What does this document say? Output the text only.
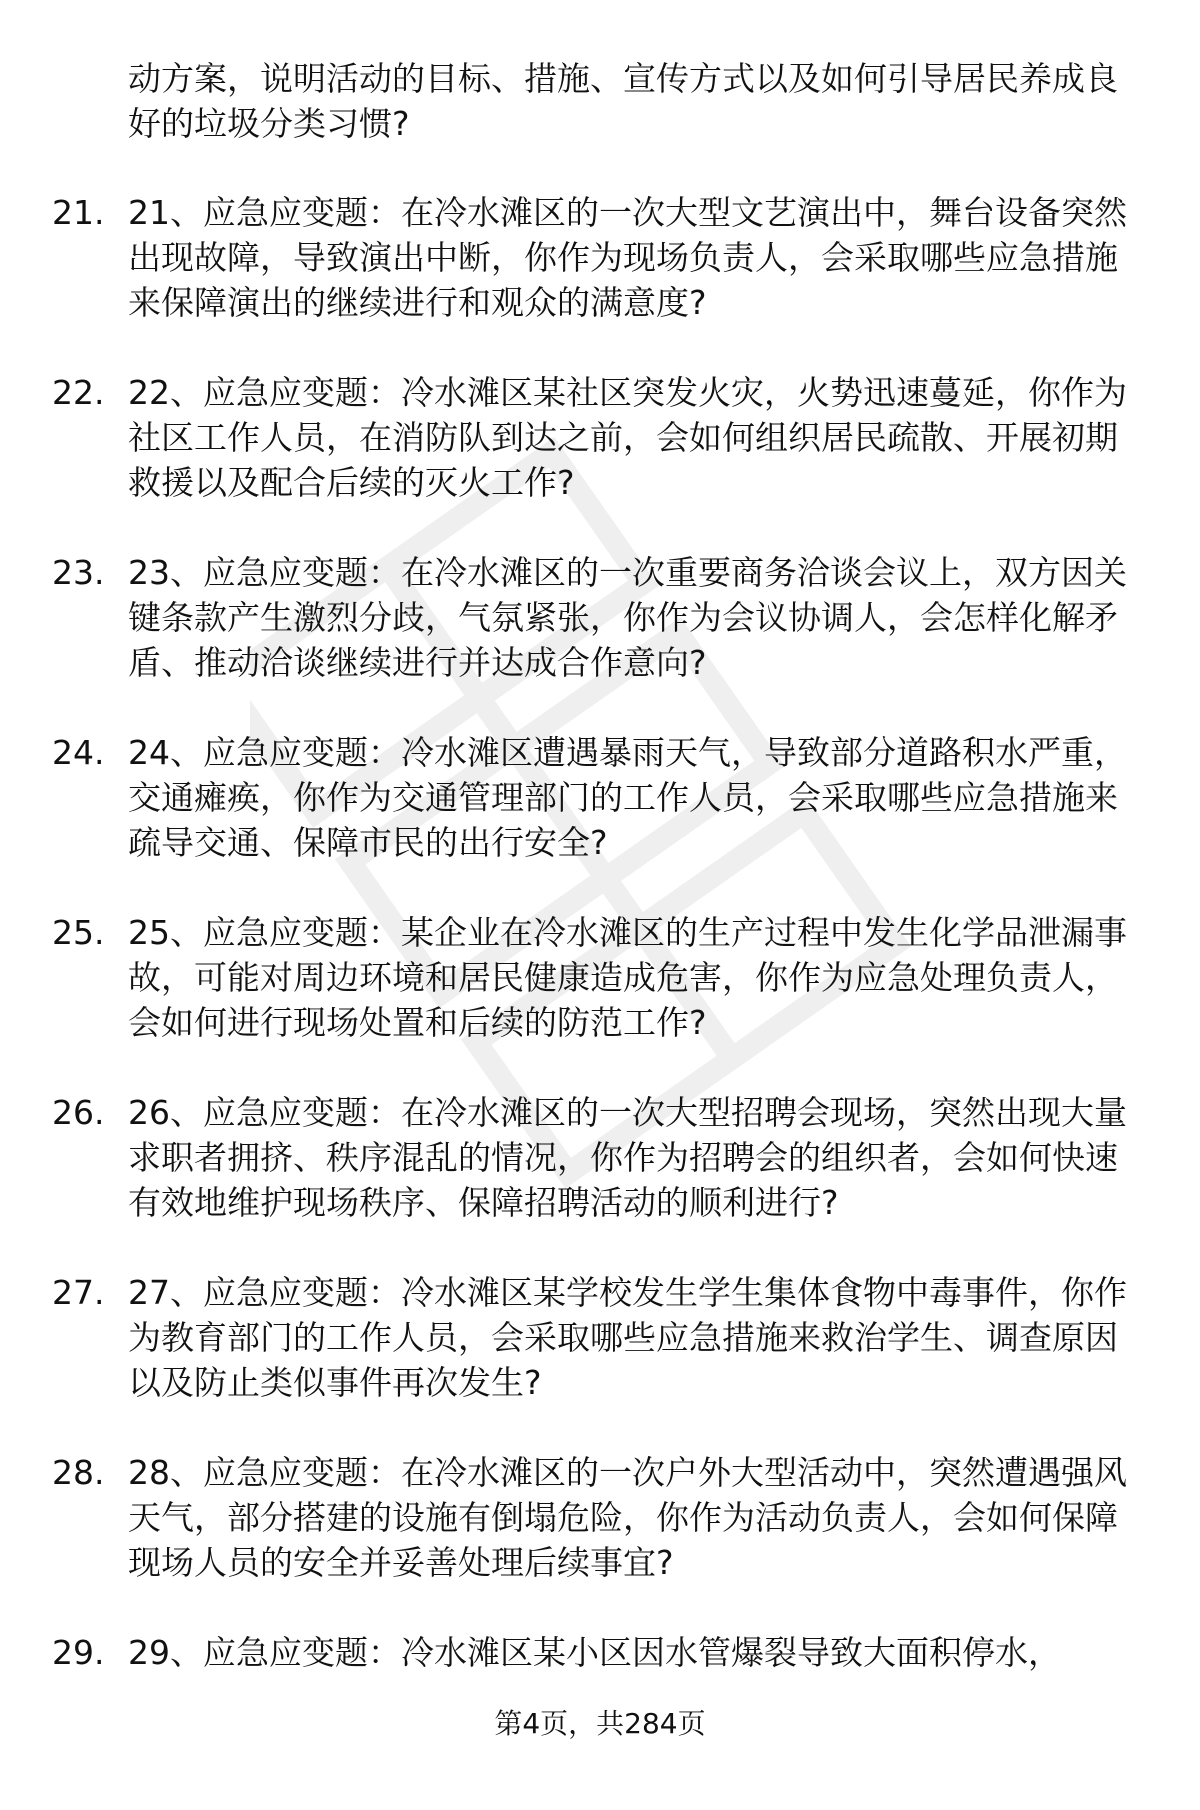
动方案，说明活动的目标、措施、宣传方式以及如何引导居民养成良好的垃圾分类习惯?
21. 21、应急应变题：在冷水滩区的一次大型文艺演出中，舞台设备突然出现故障，导致演出中断，你作为现场负责人，会采取哪些应急措施来保障演出的继续进行和观众的满意度?
22. 22、应急应变题：冷水滩区某社区突发火灾，火势迅速蔓延，你作为社区工作人员，在消防队到达之前，会如何组织居民疏散、开展初期救援以及配合后续的灭火工作?
23. 23、应急应变题：在冷水滩区的一次重要商务洽谈会议上，双方因关键条款产生激烈分歧，气氛紧张，你作为会议协调人，会怎样化解矛盾、推动洽谈继续进行并达成合作意向?
24. 24、应急应变题：冷水滩区遭遇暴雨天气，导致部分道路积水严重，交通瘫痪，你作为交通管理部门的工作人员，会采取哪些应急措施来疏导交通、保障市民的出行安全?
25. 25、应急应变题：某企业在冷水滩区的生产过程中发生化学品泄漏事故，可能对周边环境和居民健康造成危害，你作为应急处理负责人，会如何进行现场处置和后续的防范工作?
26. 26、应急应变题：在冷水滩区的一次大型招聘会现场，突然出现大量求职者拥挤、秩序混乱的情况，你作为招聘会的组织者，会如何快速有效地维护现场秩序、保障招聘活动的顺利进行?
27. 27、应急应变题：冷水滩区某学校发生学生集体食物中毒事件，你作为教育部门的工作人员，会采取哪些应急措施来救治学生、调查原因以及防止类似事件再次发生?
28. 28、应急应变题：在冷水滩区的一次户外大型活动中，突然遭遇强风天气，部分搭建的设施有倒塌危险，你作为活动负责人，会如何保障现场人员的安全并妥善处理后续事宜?
29. 29、应急应变题：冷水滩区某小区因水管爆裂导致大面积停水，
第4页，共284页
